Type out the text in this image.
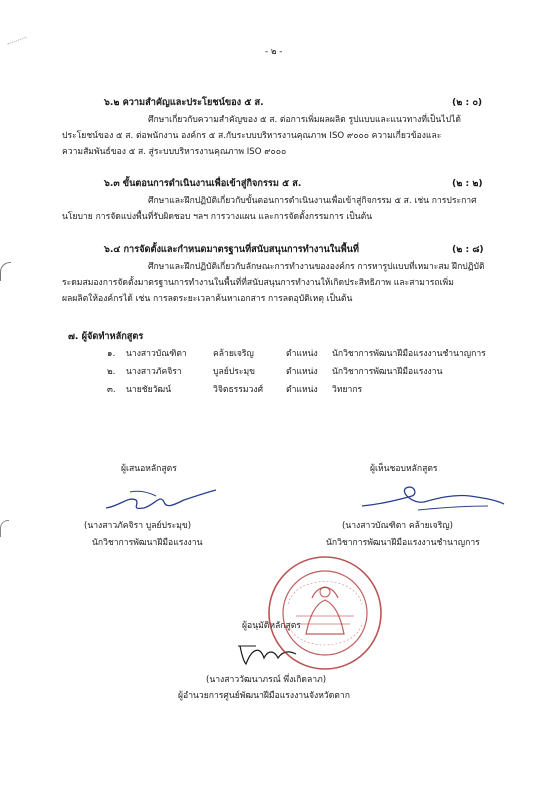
- ๒ -
๖.๒ ความสำคัญและประโยชน์ของ ๕ ส.	(๒ : ๐)
ศึกษาเกี่ยวกับความสำคัญของ ๕ ส. ต่อการเพิ่มผลผลิต รูปแบบและแนวทางที่เป็นไปได้
ประโยชน์ของ ๕ ส. ต่อพนักงาน องค์กร ๕ ส.กับระบบบริหารงานคุณภาพ ISO ๙๐๐๐ ความเกี่ยวข้องและ
ความสัมพันธ์ของ ๕ ส. สู่ระบบบริหารงานคุณภาพ ISO ๙๐๐๐
๖.๓ ขั้นตอนการดำเนินงานเพื่อเข้าสู่กิจกรรม ๕ ส.	(๒ : ๒)
ศึกษาและฝึกปฏิบัติเกี่ยวกับขั้นตอนการดำเนินงานเพื่อเข้าสู่กิจกรรม ๕ ส. เช่น การประกาศ
นโยบาย การจัดแบ่งพื้นที่รับผิดชอบ ฯลฯ การวางแผน และการจัดตั้งกรรมการ เป็นต้น
๖.๔ การจัดตั้งและกำหนดมาตรฐานที่สนับสนุนการทำงานในพื้นที่	(๒ : ๘)
ศึกษาและฝึกปฏิบัติเกี่ยวกับลักษณะการทำงานขององค์กร การหารูปแบบที่เหมาะสม ฝึกปฏิบัติ
ระดมสมองการจัดตั้งมาตรฐานการทำงานในพื้นที่ที่สนับสนุนการทำงานให้เกิดประสิทธิภาพ และสามารถเพิ่ม
ผลผลิตให้องค์กรได้ เช่น การลดระยะเวลาค้นหาเอกสาร การลดอุบัติเหตุ เป็นต้น
๗. ผู้จัดทำหลักสูตร
๑. นางสาวบัณฑิตา	คล้ายเจริญ	ตำแหน่ง นักวิชาการพัฒนาฝีมือแรงงานชำนาญการ
๒. นางสาวภัคจิรา	บูลย์ประมุข	ตำแหน่ง นักวิชาการพัฒนาฝีมือแรงงาน
๓. นายชัยวัฒน์	วิจิตธรรมวงศ์	ตำแหน่ง วิทยากร
ผู้เสนอหลักสูตร
(นางสาวภัคจิรา บูลย์ประมุข)
นักวิชาการพัฒนาฝีมือแรงงาน
ผู้เห็นชอบหลักสูตร
(นางสาวบัณฑิตา คล้ายเจริญ)
นักวิชาการพัฒนาฝีมือแรงงานชำนาญการ
ผู้อนุมัติหลักสูตร
(นางสาววัฒนาภรณ์ พึ่งเกิดลาภ)
ผู้อำนวยการศูนย์พัฒนาฝีมือแรงงานจังหวัดตาก
